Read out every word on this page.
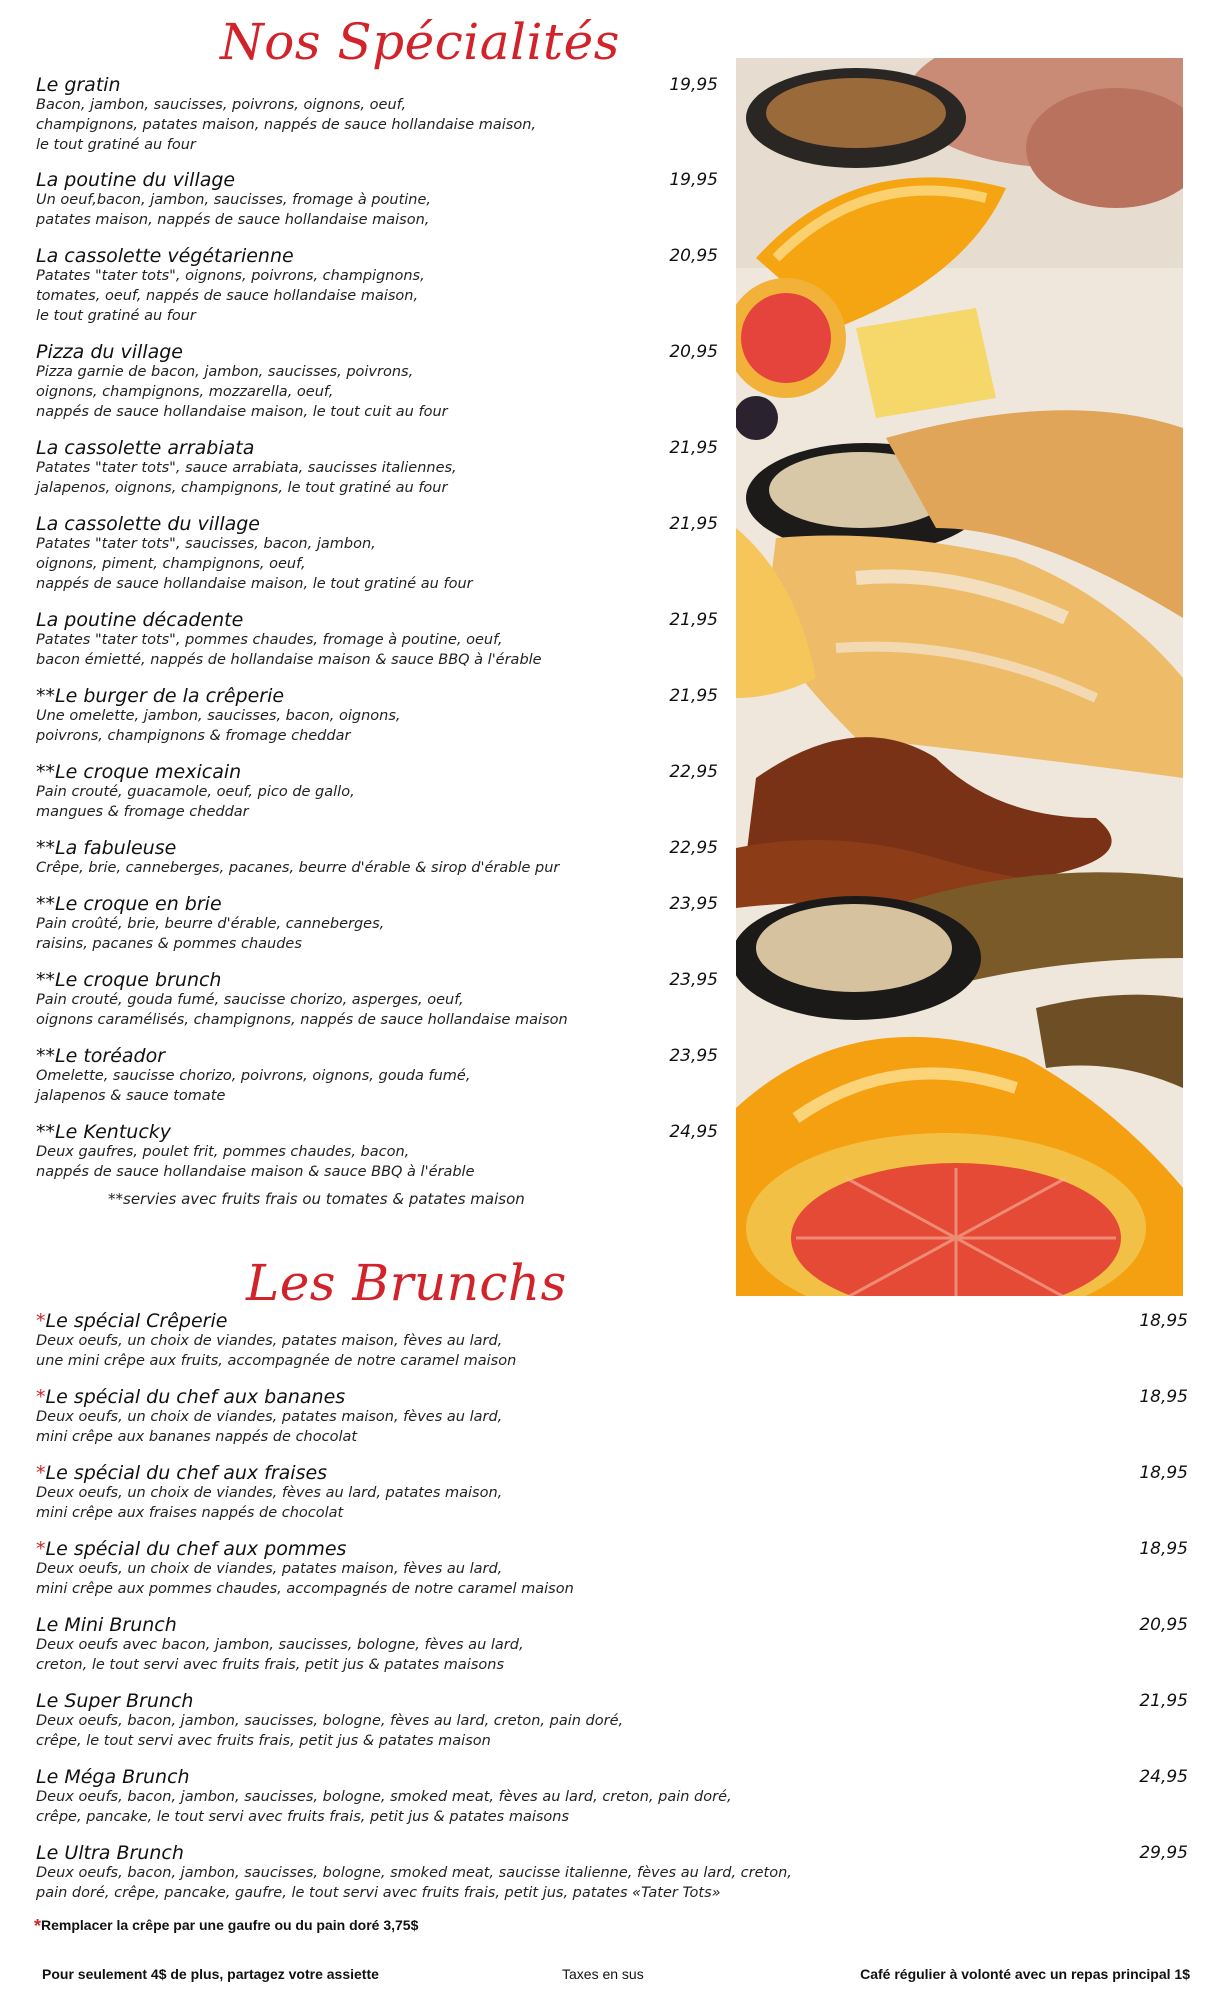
Nos Spécialités
Le gratin
Bacon, jambon, saucisses, poivrons, oignons, oeuf,
champignons, patates maison, nappés de sauce hollandaise maison,
le tout gratiné au four
19,95
La poutine du village
Un oeuf,bacon, jambon, saucisses, fromage à poutine,
patates maison, nappés de sauce hollandaise maison,
19,95
La cassolette végétarienne
Patates "tater tots", oignons, poivrons, champignons,
tomates, oeuf, nappés de sauce hollandaise maison,
le tout gratiné au four
20,95
Pizza du village
Pizza garnie de bacon, jambon, saucisses, poivrons,
oignons, champignons, mozzarella, oeuf,
nappés de sauce hollandaise maison, le tout cuit au four
20,95
La cassolette arrabiata
Patates "tater tots", sauce arrabiata, saucisses italiennes,
jalapenos, oignons, champignons, le tout gratiné au four
21,95
La cassolette du village
Patates "tater tots", saucisses, bacon, jambon,
oignons, piment, champignons, oeuf,
nappés de sauce hollandaise maison, le tout gratiné au four
21,95
La poutine décadente
Patates "tater tots", pommes chaudes, fromage à poutine, oeuf,
bacon émietté, nappés de hollandaise maison & sauce BBQ à l'érable
21,95
**Le burger de la crêperie
Une omelette, jambon, saucisses, bacon, oignons,
poivrons, champignons & fromage cheddar
21,95
**Le croque mexicain
Pain crouté, guacamole, oeuf, pico de gallo,
mangues & fromage cheddar
22,95
**La fabuleuse
Crêpe, brie, canneberges, pacanes, beurre d'érable & sirop d'érable pur
22,95
**Le croque en brie
Pain croûté, brie, beurre d'érable, canneberges,
raisins, pacanes & pommes chaudes
23,95
**Le croque brunch
Pain crouté, gouda fumé, saucisse chorizo, asperges, oeuf,
oignons caramélisés, champignons, nappés de sauce hollandaise maison
23,95
**Le toréador
Omelette, saucisse chorizo, poivrons, oignons, gouda fumé,
jalapenos & sauce tomate
23,95
**Le Kentucky
Deux gaufres, poulet frit, pommes chaudes, bacon,
nappés de sauce hollandaise maison & sauce BBQ à l'érable
24,95
**servies avec fruits frais ou tomates & patates maison
Les Brunchs
*Le spécial Crêperie
Deux oeufs, un choix de viandes, patates maison, fèves au lard,
une mini crêpe aux fruits, accompagnée de notre caramel maison
18,95
*Le spécial du chef aux bananes
Deux oeufs, un choix de viandes, patates maison, fèves au lard,
mini crêpe aux bananes nappés de chocolat
18,95
*Le spécial du chef aux fraises
Deux oeufs, un choix de viandes, fèves au lard, patates maison,
mini crêpe aux fraises nappés de chocolat
18,95
*Le spécial du chef aux pommes
Deux oeufs, un choix de viandes, patates maison, fèves au lard,
mini crêpe aux pommes chaudes, accompagnés de notre caramel maison
18,95
Le Mini Brunch
Deux oeufs avec bacon, jambon, saucisses, bologne, fèves au lard,
creton, le tout servi avec fruits frais, petit jus & patates maisons
20,95
Le Super Brunch
Deux oeufs, bacon, jambon, saucisses, bologne, fèves au lard, creton, pain doré,
crêpe, le tout servi avec fruits frais, petit jus & patates maison
21,95
Le Méga Brunch
Deux oeufs, bacon, jambon, saucisses, bologne, smoked meat, fèves au lard, creton, pain doré,
crêpe, pancake, le tout servi avec fruits frais, petit jus & patates maisons
24,95
Le Ultra Brunch
Deux oeufs, bacon, jambon, saucisses, bologne, smoked meat, saucisse italienne, fèves au lard, creton,
pain doré, crêpe, pancake, gaufre, le tout servi avec fruits frais, petit jus, patates «Tater Tots»
29,95
*Remplacer la crêpe par une gaufre ou du pain doré 3,75$
Pour seulement 4$ de plus, partagez votre assiette	Taxes en sus	Café régulier à volonté avec un repas principal 1$
